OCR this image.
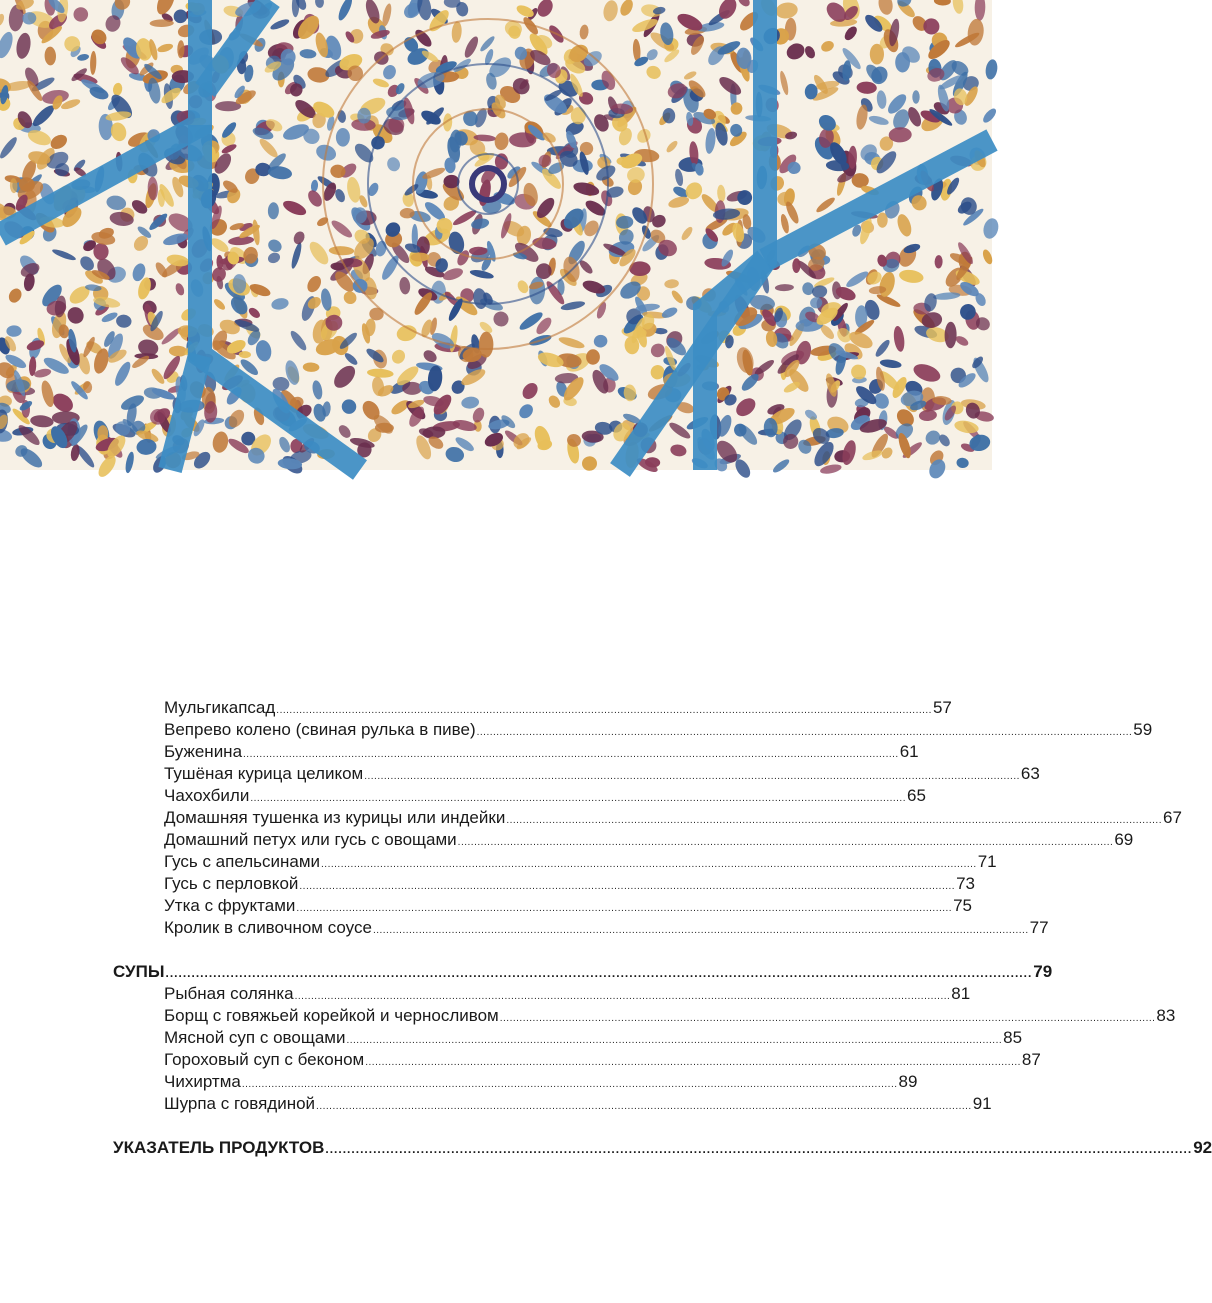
Мульгикапсад ........................................................................................................................................................................................................ 57
Вепрево колено (свиная рулька в пиве) ........................................................................................................................................................................................................ 59
Буженина ........................................................................................................................................................................................................ 61
Тушёная курица целиком ........................................................................................................................................................................................................ 63
Чахохбили ........................................................................................................................................................................................................ 65
Домашняя тушенка из курицы или индейки ........................................................................................................................................................................................................ 67
Домашний петух или гусь с овощами ........................................................................................................................................................................................................ 69
Гусь с апельсинами ........................................................................................................................................................................................................ 71
Гусь с перловкой ........................................................................................................................................................................................................ 73
Утка с фруктами ........................................................................................................................................................................................................ 75
Кролик в сливочном соусе ........................................................................................................................................................................................................ 77
СУПЫ ........................................................................................................................................................................................................ 79
Рыбная солянка ........................................................................................................................................................................................................ 81
Борщ с говяжьей корейкой и черносливом ........................................................................................................................................................................................................ 83
Мясной суп с овощами ........................................................................................................................................................................................................ 85
Гороховый суп с беконом ........................................................................................................................................................................................................ 87
Чихиртма ........................................................................................................................................................................................................ 89
Шурпа с говядиной ........................................................................................................................................................................................................ 91
УКАЗАТЕЛЬ ПРОДУКТОВ ........................................................................................................................................................................................................ 92
